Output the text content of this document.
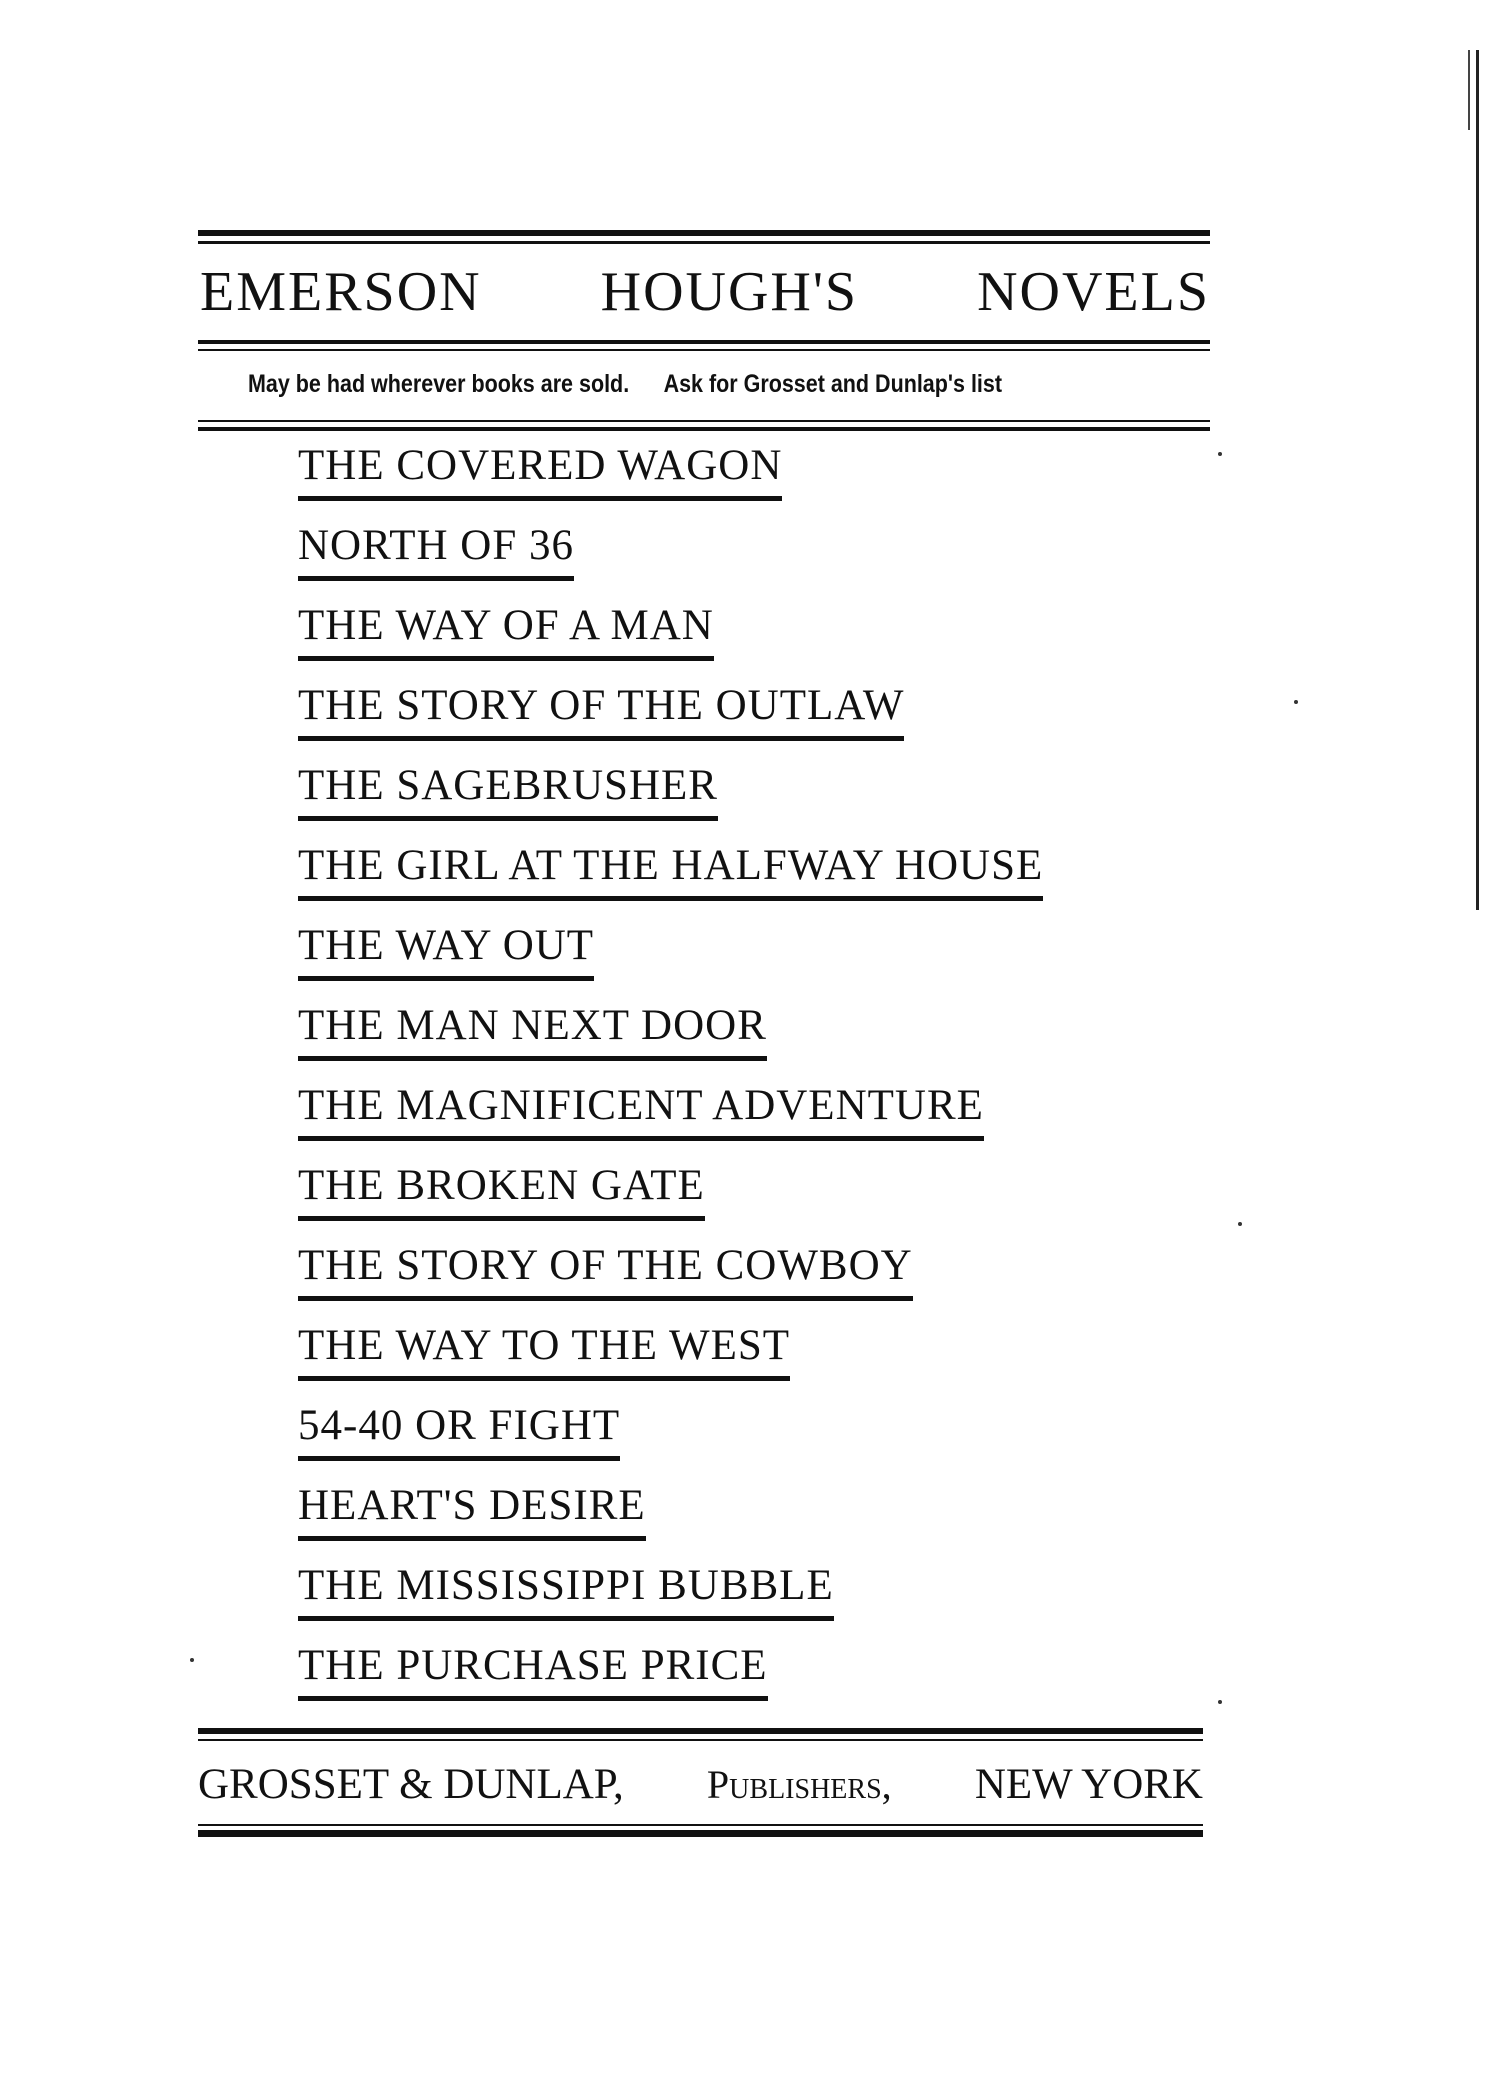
EMERSON HOUGH'S NOVELS
May be had wherever books are sold. Ask for Grosset and Dunlap's list
THE COVERED WAGON
NORTH OF 36
THE WAY OF A MAN
THE STORY OF THE OUTLAW
THE SAGEBRUSHER
THE GIRL AT THE HALFWAY HOUSE
THE WAY OUT
THE MAN NEXT DOOR
THE MAGNIFICENT ADVENTURE
THE BROKEN GATE
THE STORY OF THE COWBOY
THE WAY TO THE WEST
54-40 OR FIGHT
HEART'S DESIRE
THE MISSISSIPPI BUBBLE
THE PURCHASE PRICE
GROSSET & DUNLAP, Publishers, NEW YORK
